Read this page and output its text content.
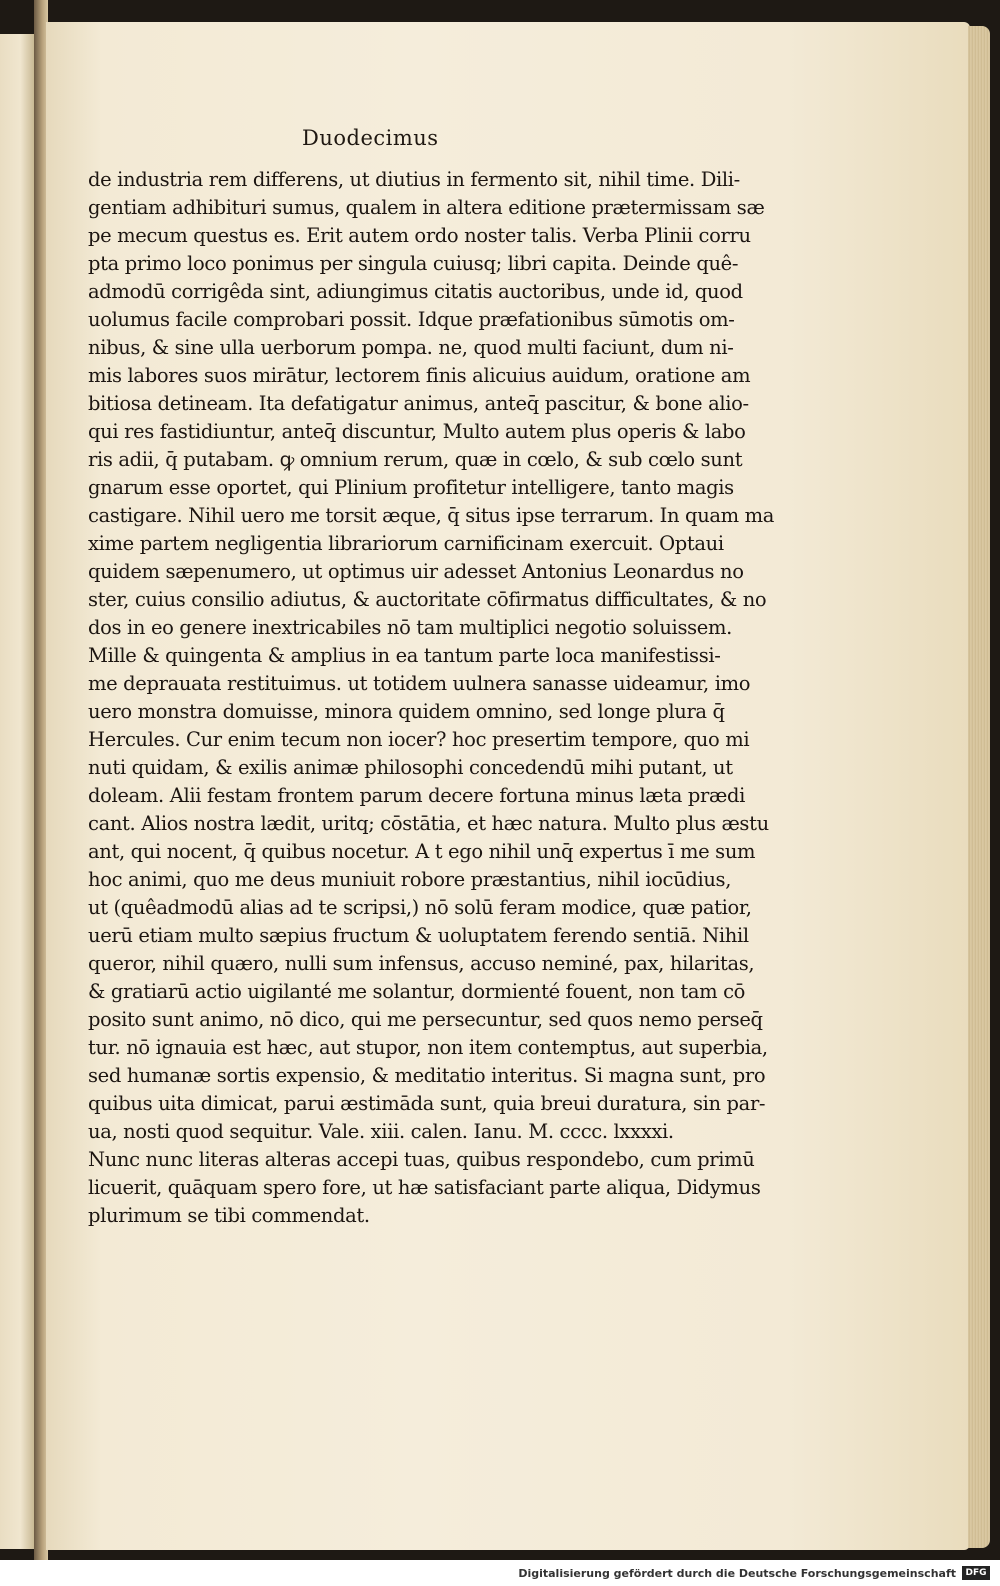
Duodecimus
de industria rem differens, ut diutius in fermento sit, nihil time. Dili-
gentiam adhibituri sumus, qualem in altera editione prætermissam sæ
pe mecum questus es. Erit autem ordo noster talis. Verba Plinii corru
pta primo loco ponimus per singula cuiusq; libri capita. Deinde quê-
admodū corrigêda sint, adiungimus citatis auctoribus, unde id, quod
uolumus facile comprobari possit. Idque præfationibus sūmotis om-
nibus, & sine ulla uerborum pompa. ne, quod multi faciunt, dum ni-
mis labores suos mirātur, lectorem finis alicuius auidum, oratione am
bitiosa detineam. Ita defatigatur animus, anteq̄ pascitur, & bone alio-
qui res fastidiuntur, anteq̄ discuntur, Multo autem plus operis & labo
ris adii, q̄ putabam. ꝙ omnium rerum, quæ in cœlo, & sub cœlo sunt
gnarum esse oportet, qui Plinium profitetur intelligere, tanto magis
castigare. Nihil uero me torsit æque, q̄ situs ipse terrarum. In quam ma
xime partem negligentia librariorum carnificinam exercuit. Optaui
quidem sæpenumero, ut optimus uir adesset Antonius Leonardus no
ster, cuius consilio adiutus, & auctoritate cōfirmatus difficultates, & no
dos in eo genere inextricabiles nō tam multiplici negotio soluissem.
Mille & quingenta & amplius in ea tantum parte loca manifestissi-
me deprauata restituimus. ut totidem uulnera sanasse uideamur, imo
uero monstra domuisse, minora quidem omnino, sed longe plura q̄
Hercules. Cur enim tecum non iocer? hoc presertim tempore, quo mi
nuti quidam, & exilis animæ philosophi concedendū mihi putant, ut
doleam. Alii festam frontem parum decere fortuna minus læta prædi
cant. Alios nostra lædit, uritq; cōstātia, et hæc natura. Multo plus æstu
ant, qui nocent, q̄ quibus nocetur. A t ego nihil unq̄ expertus ī me sum
hoc animi, quo me deus muniuit robore præstantius, nihil iocūdius,
ut (quêadmodū alias ad te scripsi,) nō solū feram modice, quæ patior,
uerū etiam multo sæpius fructum & uoluptatem ferendo sentiā. Nihil
queror, nihil quæro, nulli sum infensus, accuso neminé, pax, hilaritas,
& gratiarū actio uigilanté me solantur, dormienté fouent, non tam cō
posito sunt animo, nō dico, qui me persecuntur, sed quos nemo perseq̄
tur. nō ignauia est hæc, aut stupor, non item contemptus, aut superbia,
sed humanæ sortis expensio, & meditatio interitus. Si magna sunt, pro
quibus uita dimicat, parui æstimāda sunt, quia breui duratura, sin par-
ua, nosti quod sequitur. Vale. xiii. calen. Ianu. M. cccc. lxxxxi.
Nunc nunc literas alteras accepi tuas, quibus respondebo, cum primū
licuerit, quāquam spero fore, ut hæ satisfaciant parte aliqua, Didymus
plurimum se tibi commendat.
Digitalisierung gefördert durch die Deutsche Forschungsgemeinschaft	DFG
